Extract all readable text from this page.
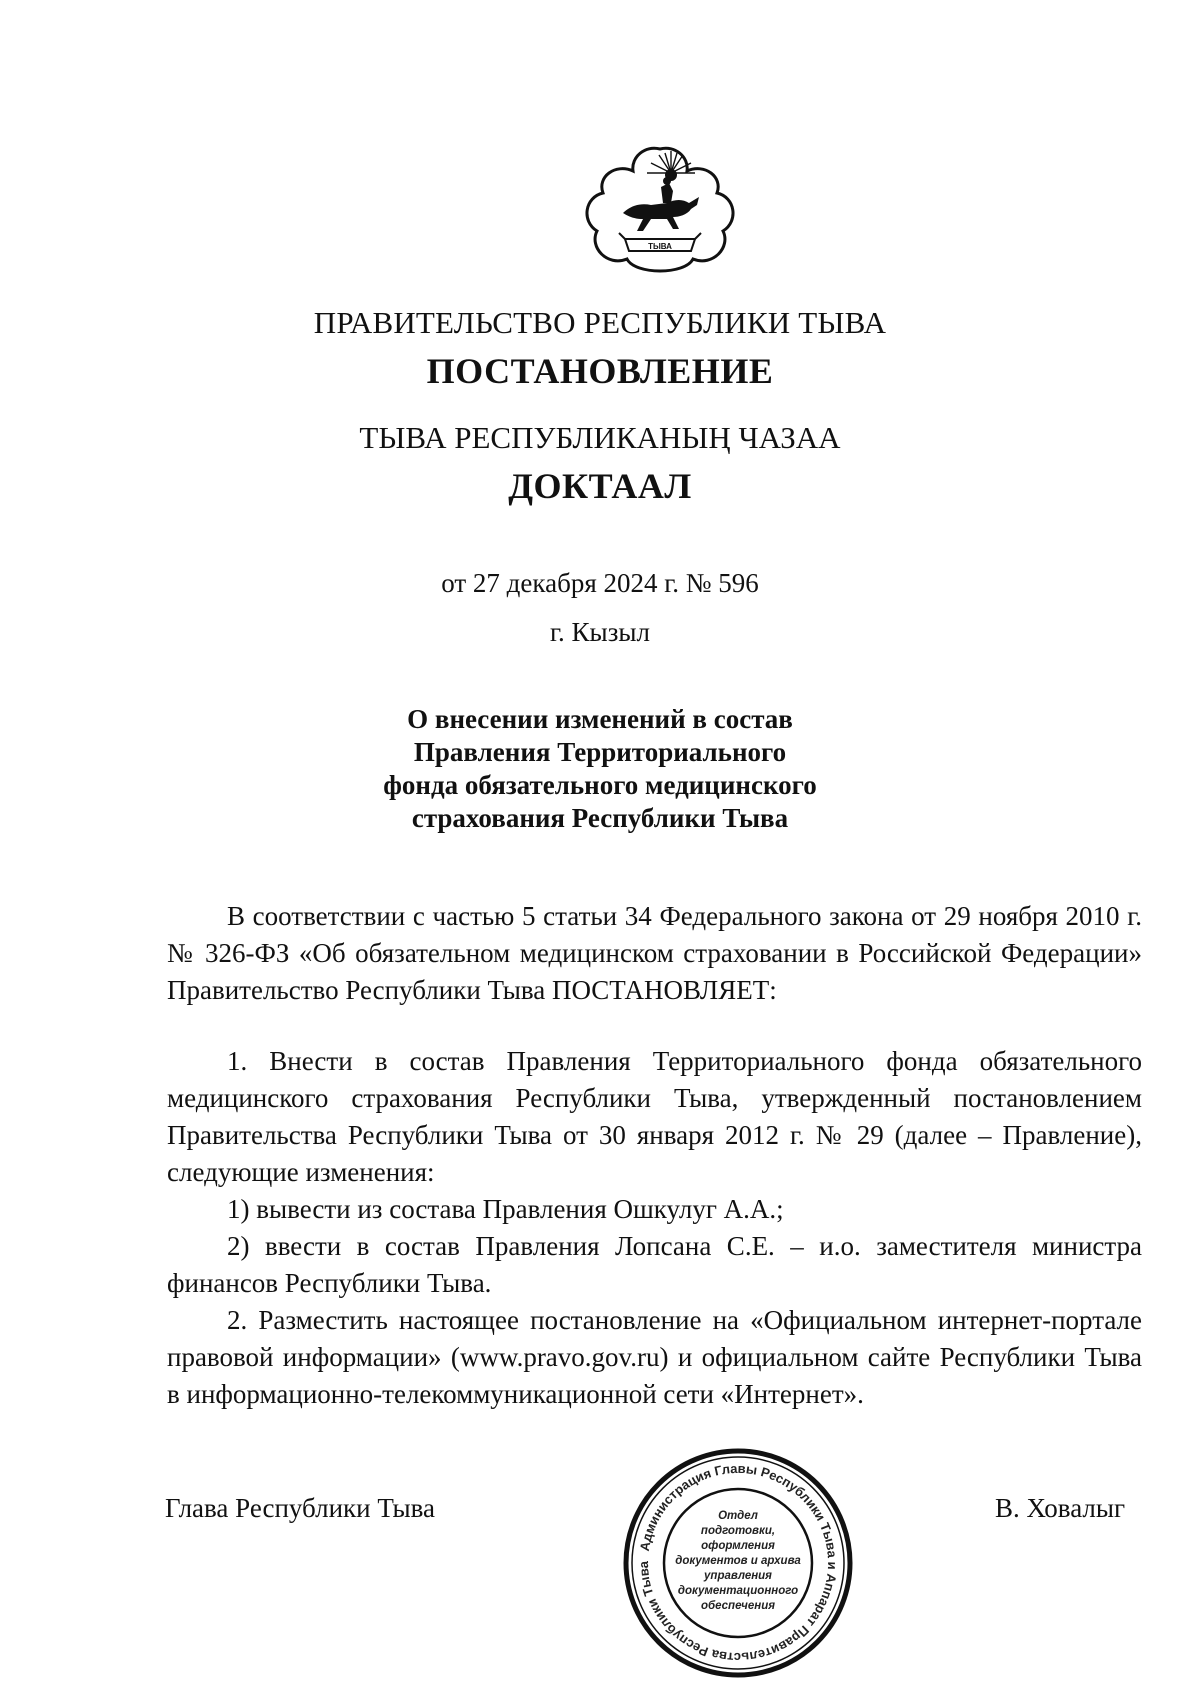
ТЫВА
ПРАВИТЕЛЬСТВО РЕСПУБЛИКИ ТЫВА
ПОСТАНОВЛЕНИЕ
ТЫВА РЕСПУБЛИКАНЫҢ ЧАЗАА
ДОКТААЛ
от 27 декабря 2024 г. № 596
г. Кызыл
О внесении изменений в состав
Правления Территориального
фонда обязательного медицинского
страхования Республики Тыва

В соответствии с частью 5 статьи 34 Федерального закона от 29 ноября 2010 г. № 326-ФЗ «Об обязательном медицинском страховании в Российской Федерации» Правительство Республики Тыва ПОСТАНОВЛЯЕТ:

1. Внести в состав Правления Территориального фонда обязательного медицинского страхования Республики Тыва, утвержденный постановлением Правительства Республики Тыва от 30 января 2012 г. № 29 (далее – Правление), следующие изменения:

1) вывести из состава Правления Ошкулуг А.А.;

2) ввести в состав Правления Лопсана С.Е. – и.о. заместителя министра финансов Республики Тыва.

2. Разместить настоящее постановление на «Официальном интернет-портале правовой информации» (www.pravo.gov.ru) и официальном сайте Республики Тыва в информационно-телекоммуникационной сети «Интернет».

Глава Республики Тыва	В. Ховалыг
Администрация Главы Республики Тыва и Аппарат Правительства Республики Тыва
Отдел
подготовки,
оформления
документов и архива
управления
документационного
обеспечения
